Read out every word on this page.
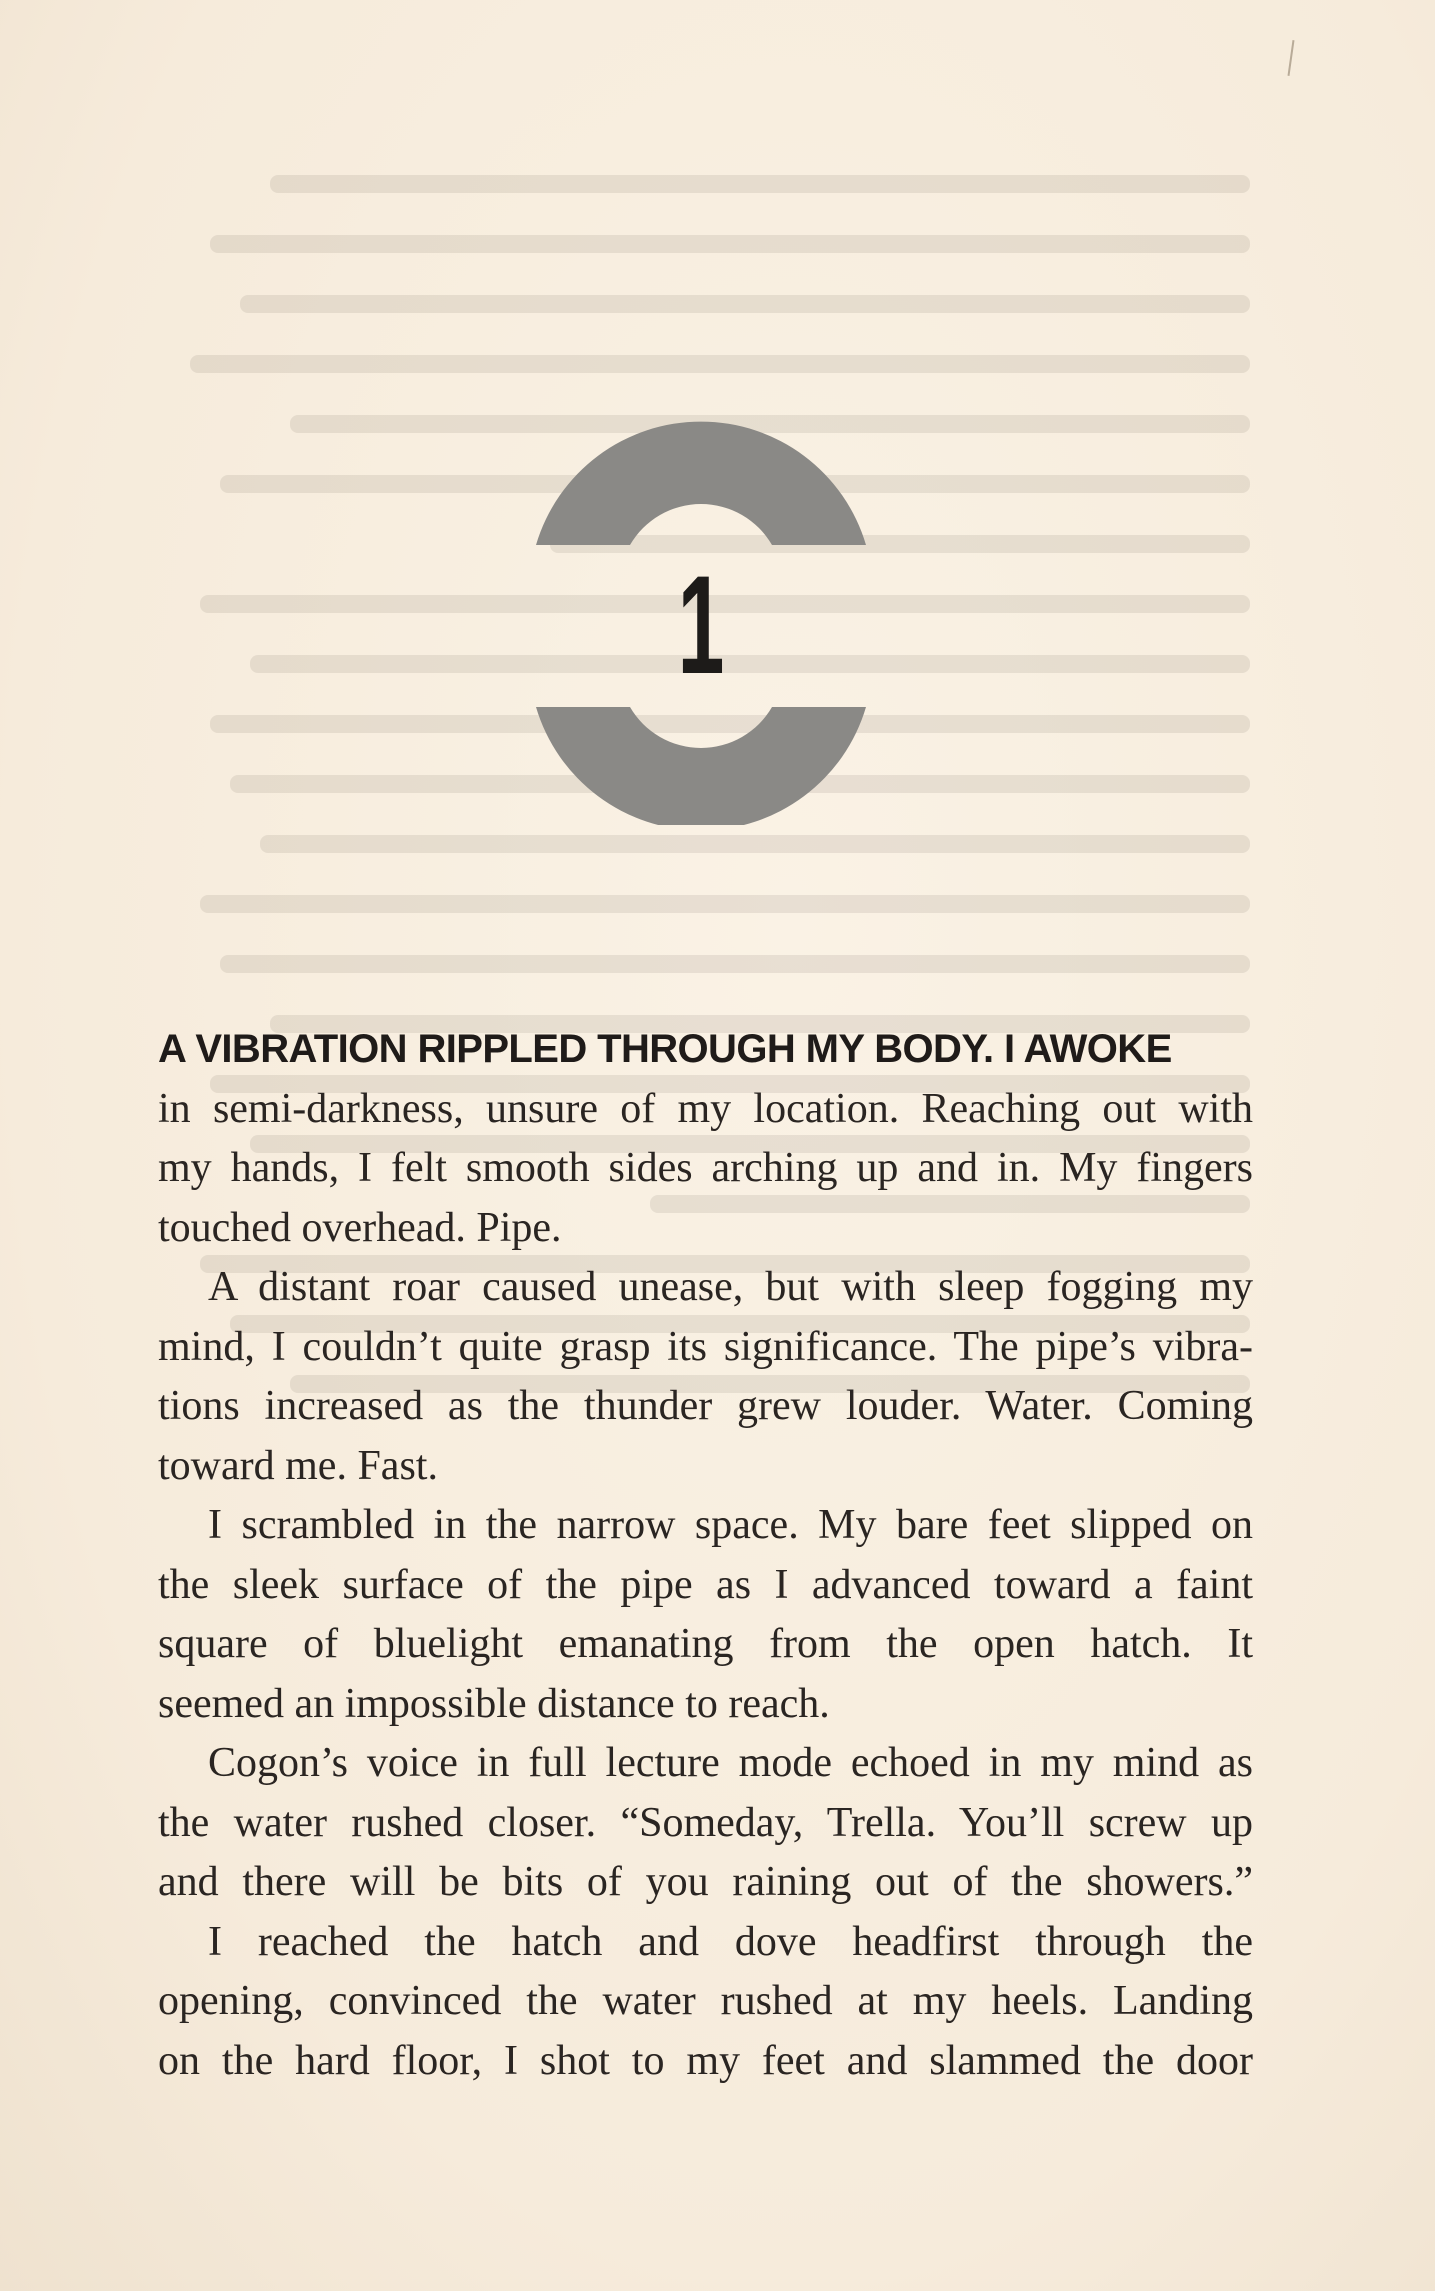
1
A VIBRATION RIPPLED THROUGH MY BODY. I AWOKE
in semi-darkness, unsure of my location. Reaching out with
my hands, I felt smooth sides arching up and in. My fingers
touched overhead. Pipe.
A distant roar caused unease, but with sleep fogging my
mind, I couldn’t quite grasp its significance. The pipe’s vibra-
tions increased as the thunder grew louder. Water. Coming
toward me. Fast.
I scrambled in the narrow space. My bare feet slipped on
the sleek surface of the pipe as I advanced toward a faint
square of bluelight emanating from the open hatch. It
seemed an impossible distance to reach.
Cogon’s voice in full lecture mode echoed in my mind as
the water rushed closer. “Someday, Trella. You’ll screw up
and there will be bits of you raining out of the showers.”
I reached the hatch and dove headfirst through the
opening, convinced the water rushed at my heels. Landing
on the hard floor, I shot to my feet and slammed the door
